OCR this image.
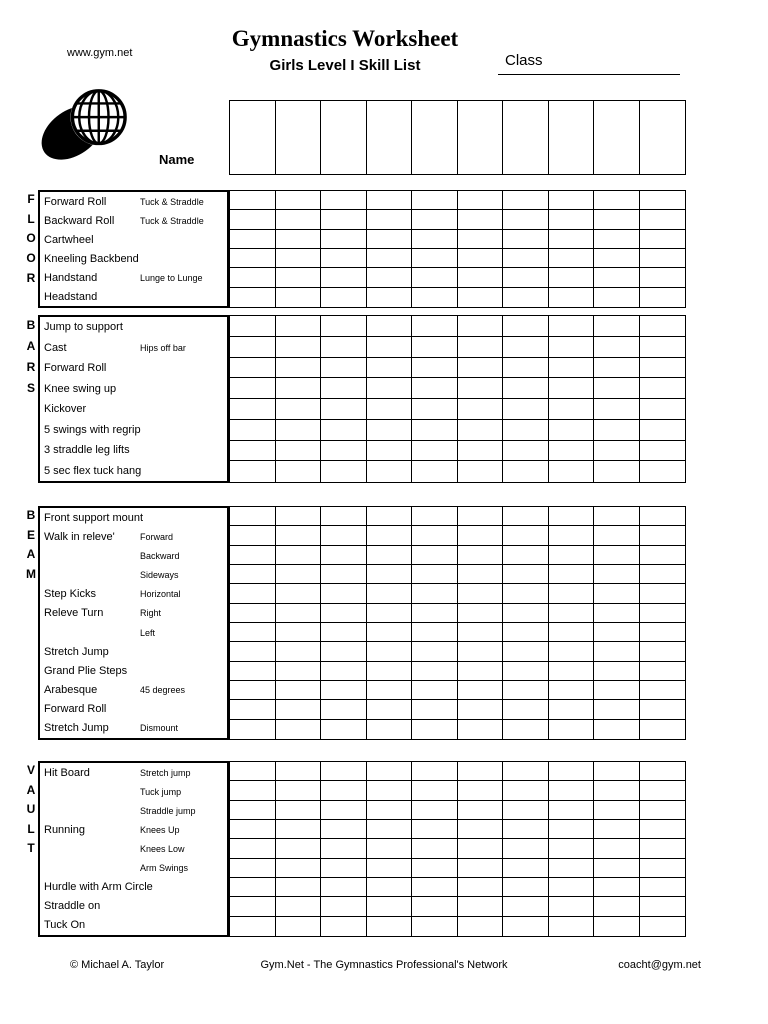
www.gym.net
Gymnastics Worksheet
Girls Level I Skill List	Class
Name
F
L
O
O
R
Forward Roll	Tuck & Straddle
Backward Roll	Tuck & Straddle
Cartwheel
Kneeling Backbend
Handstand	Lunge to Lunge
Headstand
B
A
R
S
Jump to support
Cast	Hips off bar
Forward Roll
Knee swing up
Kickover
5 swings with regrip
3 straddle leg lifts
5 sec flex tuck hang
B
E
A
M
Front support mount
Walk in releve'	Forward
Backward
Sideways
Step Kicks	Horizontal
Releve Turn	Right
Left
Stretch Jump
Grand Plie Steps
Arabesque	45 degrees
Forward Roll
Stretch Jump	Dismount
V
A
U
L
T
Hit Board	Stretch jump
Tuck jump
Straddle jump
Running	Knees Up
Knees Low
Arm Swings
Hurdle with Arm Circle
Straddle on
Tuck On
© Michael A. Taylor	Gym.Net - The Gymnastics Professional's Network	coacht@gym.net
